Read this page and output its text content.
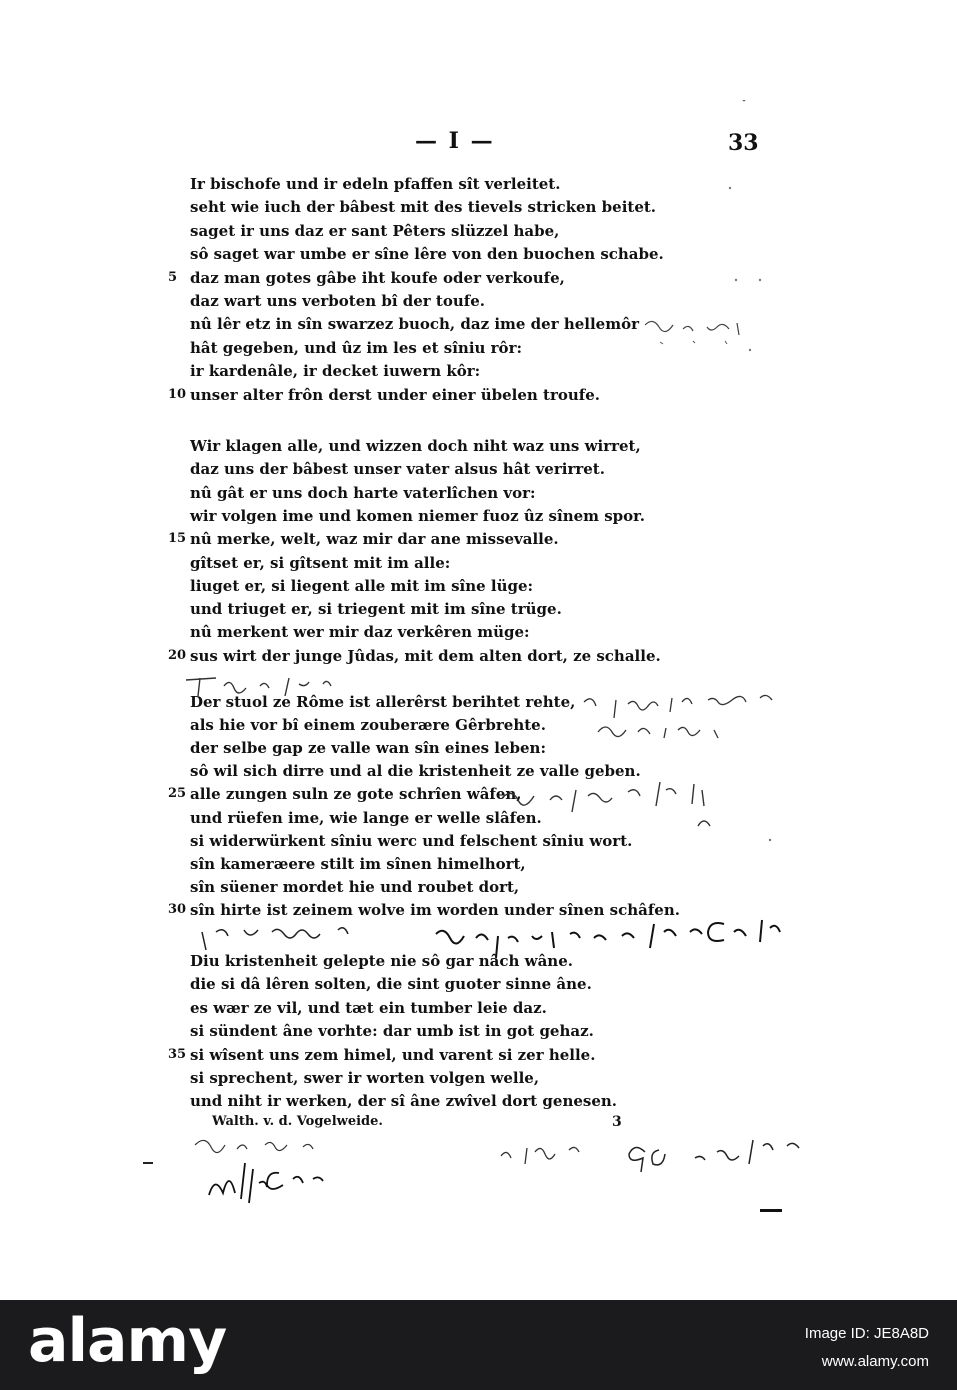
— I —	33
Ir bischofe und ir edeln pfaffen sît verleitet.
seht wie iuch der bâbest mit des tievels stricken beitet.
saget ir uns daz er sant Pêters slüzzel habe,
sô saget war umbe er sîne lêre von den buochen schabe.
daz man gotes gâbe iht koufe oder verkoufe,
daz wart uns verboten bî der toufe.
nû lêr etz in sîn swarzez buoch, daz ime der hellemôr
hât gegeben, und ûz im les et sîniu rôr:
ir kardenâle, ir decket iuwern kôr:
unser alter frôn derst under einer übelen troufe.
Wir klagen alle, und wizzen doch niht waz uns wirret,
daz uns der bâbest unser vater alsus hât verirret.
nû gât er uns doch harte vaterlîchen vor:
wir volgen ime und komen niemer fuoz ûz sînem spor.
nû merke, welt, waz mir dar ane missevalle.
gîtset er, si gîtsent mit im alle:
liuget er, si liegent alle mit im sîne lüge:
und triuget er, si triegent mit im sîne trüge.
nû merkent wer mir daz verkêren müge:
sus wirt der junge Jûdas, mit dem alten dort, ze schalle.
Der stuol ze Rôme ist allerêrst berihtet rehte,
als hie vor bî einem zouberære Gêrbrehte.
der selbe gap ze valle wan sîn eines leben:
sô wil sich dirre und al die kristenheit ze valle geben.
alle zungen suln ze gote schrîen wâfen,
und rüefen ime, wie lange er welle slâfen.
si widerwürkent sîniu werc und felschent sîniu wort.
sîn kameræere stilt im sînen himelhort,
sîn süener mordet hie und roubet dort,
sîn hirte ist zeinem wolve im worden under sînen schâfen.
Diu kristenheit gelepte nie sô gar nâch wâne.
die si dâ lêren solten, die sint guoter sinne âne.
es wær ze vil, und tæt ein tumber leie daz.
si sündent âne vorhte: dar umb ist in got gehaz.
si wîsent uns zem himel, und varent si zer helle.
si sprechent, swer ir worten volgen welle,
und niht ir werken, der sî âne zwîvel dort genesen.
5
10
15
20
25
30
35
Walth. v. d. Vogelweide.	3
alamy	Image ID: JE8A8D
www.alamy.com
